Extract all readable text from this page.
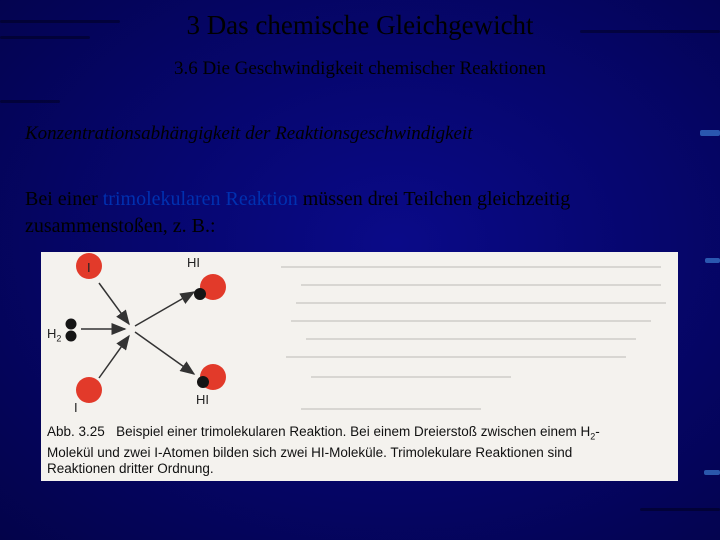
3 Das chemische Gleichgewicht
3.6 Die Geschwindigkeit chemischer Reaktionen
Konzentrationsabhängigkeit der Reaktionsgeschwindigkeit
Bei einer trimolekularen Reaktion müssen drei Teilchen gleichzeitig zusammenstoßen, z. B.:
I	HI
$H_2$
I
HI
Abb. 3.25 Beispiel einer trimolekularen Reaktion. Bei einem Dreierstoß zwischen einem $H_2-$
Molekül und zwei I-Atomen bilden sich zwei HI-Moleküle. Trimolekulare Reaktionen sind
Reaktionen dritter Ordnung.
